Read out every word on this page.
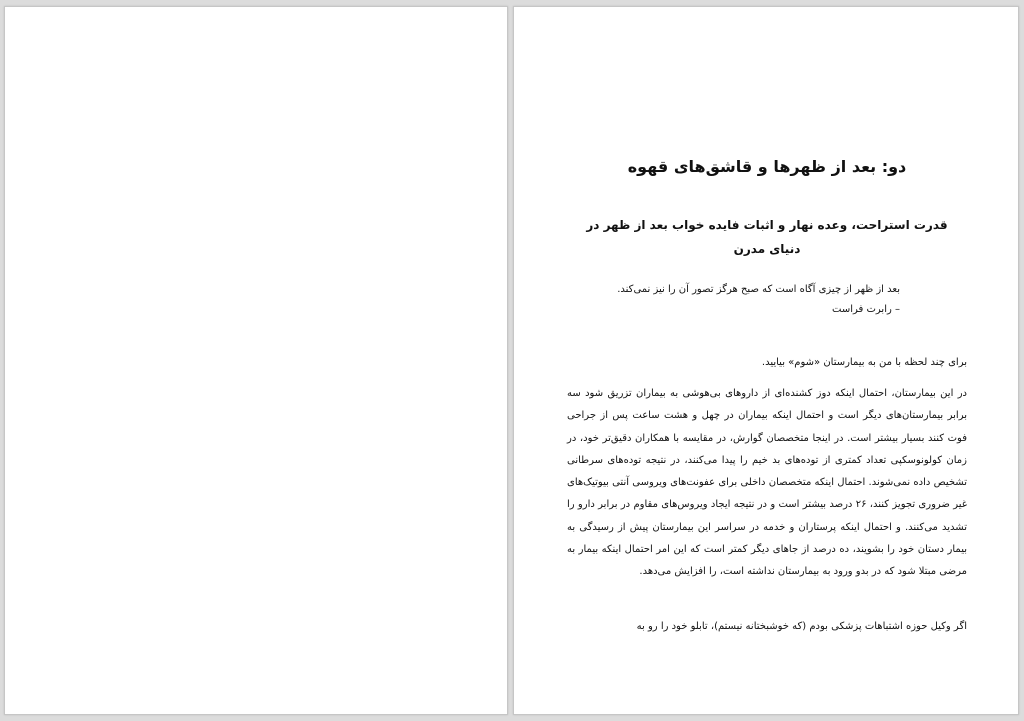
دو: بعد از ظهرها و قاشق‌های قهوه
قدرت استراحت، وعده نهار و اثبات فایده خواب بعد از ظهر در دنیای مدرن

بعد از ظهر از چیزی آگاه است که صبح هرگز تصور آن را نیز نمی‌کند.

– رابرت فراست

برای چند لحظه با من به بیمارستان «شوم» بیایید.

در این بیمارستان، احتمال اینکه دوز کشنده‌ای از داروهای بی‌هوشی به بیماران تزریق شود سه برابر بیمارستان‌های دیگر است و احتمال اینکه بیماران در چهل و هشت ساعت پس از جراحی فوت کنند بسیار بیشتر است. در اینجا متخصصان گوارش، در مقایسه با همکاران دقیق‌تر خود، در زمان کولونوسکپی تعداد کمتری از توده‌های بد خیم را پیدا می‌کنند، در نتیجه توده‌های سرطانی تشخیص داده نمی‌شوند. احتمال اینکه متخصصان داخلی برای عفونت‌های ویروسی آنتی بیوتیک‌های غیر ضروری تجویز کنند، ۲۶ درصد بیشتر است و در نتیجه ایجاد ویروس‌های مقاوم در برابر دارو را تشدید می‌کنند. و احتمال اینکه پرستاران و خدمه در سراسر این بیمارستان پیش از رسیدگی به بیمار دستان خود را بشویند، ده درصد از جاهای دیگر کمتر است که این امر احتمال اینکه بیمار به مرضی مبتلا شود که در بدو ورود به بیمارستان نداشته است، را افزایش می‌دهد.

اگر وکیل حوزه اشتباهات پزشکی بودم (که خوشبختانه نیستم)، تابلو خود را رو به
